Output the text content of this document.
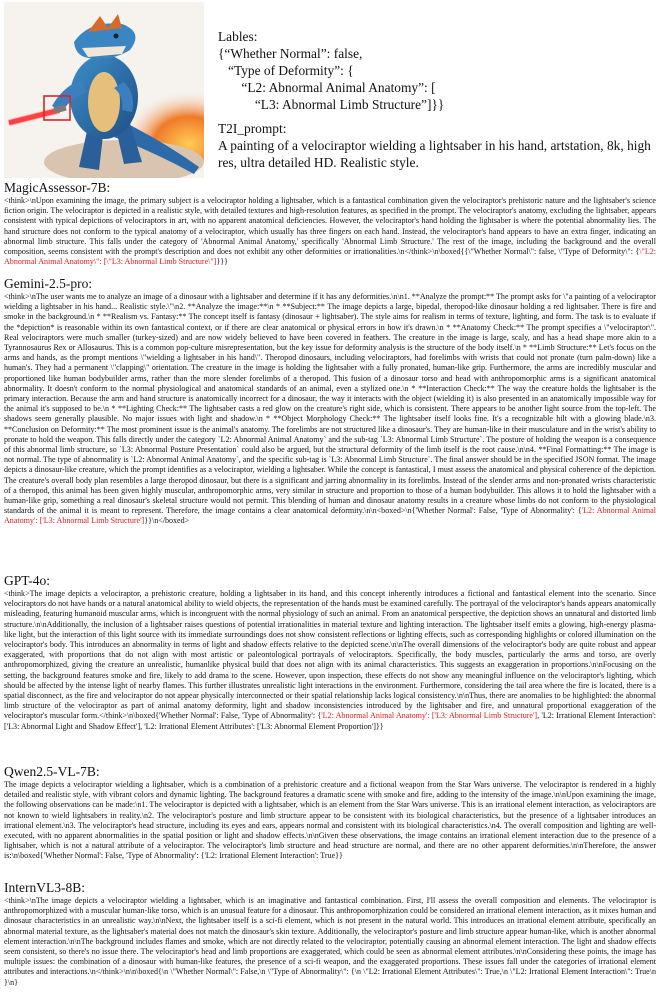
Lables:
{“Whether Normal”: false,
“Type of Deformity”: {
“L2: Abnormal Animal Anatomy”: [
“L3: Abnormal Limb Structure”]}}
T2I_prompt:
A painting of a velociraptor wielding a lightsaber in his hand, artstation, 8k, high res, ultra detailed HD. Realistic style.
MagicAssessor-7B:
<think>\nUpon examining the image, the primary subject is a velociraptor holding a lightsaber, which is a fantastical combination given the velociraptor's prehistoric nature and the lightsaber's science fiction origin. The velociraptor is depicted in a realistic style, with detailed textures and high-resolution features, as specified in the prompt. The velociraptor's anatomy, excluding the lightsaber, appears consistent with typical depictions of velociraptors in art, with no apparent anatomical deficiencies. However, the velociraptor's hand holding the lightsaber is where the potential abnormality lies. The hand structure does not conform to the typical anatomy of a velociraptor, which usually has three fingers on each hand. Instead, the velociraptor's hand appears to have an extra finger, indicating an abnormal limb structure. This falls under the category of 'Abnormal Animal Anatomy,' specifically 'Abnormal Limb Structure.' The rest of the image, including the background and the overall composition, seems consistent with the prompt's description and does not exhibit any other deformities or irrationalities.\n</think>\n\boxed{{\"Whether Normal\": false, \"Type of Deformity\": {\"L2: Abnormal Animal Anatomy\": [\"L3: Abnormal Limb Structure\"]}}}
Gemini-2.5-pro:
<think>\nThe user wants me to analyze an image of a dinosaur with a lightsaber and determine if it has any deformities.\n\n1. **Analyze the prompt:** The prompt asks for \"a painting of a velociraptor wielding a lightsaber in his hand... Realistic style.\"\n2. **Analyze the image:**\n * **Subject:** The image depicts a large, bipedal, theropod-like dinosaur holding a red lightsaber. There is fire and smoke in the background.\n * **Realism vs. Fantasy:** The concept itself is fantasy (dinosaur + lightsaber). The style aims for realism in terms of texture, lighting, and form. The task is to evaluate if the *depiction* is reasonable within its own fantastical context, or if there are clear anatomical or physical errors in how it's drawn.\n * **Anatomy Check:** The prompt specifies a \"velociraptor\". Real velociraptors were much smaller (turkey-sized) and are now widely believed to have been covered in feathers. The creature in the image is large, scaly, and has a head shape more akin to a Tyrannosaurus Rex or Allosaurus. This is a common pop-culture misrepresentation, but the key issue for deformity analysis is the structure of the body itself.\n * **Limb Structure:** Let's focus on the arms and hands, as the prompt mentions \"wielding a lightsaber in his hand\". Theropod dinosaurs, including velociraptors, had forelimbs with wrists that could not pronate (turn palm-down) like a human's. They had a permanent \"clapping\" orientation. The creature in the image is holding the lightsaber with a fully pronated, human-like grip. Furthermore, the arms are incredibly muscular and proportioned like human bodybuilder arms, rather than the more slender forelimbs of a theropod. This fusion of a dinosaur torso and head with anthropomorphic arms is a significant anatomical abnormality. It doesn't conform to the normal physiological and anatomical standards of an animal, even a stylized one.\n * **Interaction Check:** The way the creature holds the lightsaber is the primary interaction. Because the arm and hand structure is anatomically incorrect for a dinosaur, the way it interacts with the object (wielding it) is also presented in an anatomically impossible way for the animal it's supposed to be.\n * **Lighting Check:** The lightsaber casts a red glow on the creature's right side, which is consistent. There appears to be another light source from the top-left. The shadows seem generally plausible. No major issues with light and shadow.\n * **Object Morphology Check:** The lightsaber itself looks fine. It's a recognizable hilt with a glowing blade.\n3. **Conclusion on Deformity:** The most prominent issue is the animal's anatomy. The forelimbs are not structured like a dinosaur's. They are human-like in their musculature and in the wrist's ability to pronate to hold the weapon. This falls directly under the category `L2: Abnormal Animal Anatomy` and the sub-tag `L3: Abnormal Limb Structure`. The posture of holding the weapon is a consequence of this abnormal limb structure, so `L3: Abnormal Posture Presentation` could also be argued, but the structural deformity of the limb itself is the root cause.\n\n4. **Final Formatting:** The image is not normal. The type of abnormality is `L2: Abnormal Animal Anatomy`, and the specific sub-tag is `L3: Abnormal Limb Structure`. The final answer should be in the specified JSON format. The image depicts a dinosaur-like creature, which the prompt identifies as a velociraptor, wielding a lightsaber. While the concept is fantastical, I must assess the anatomical and physical coherence of the depiction. The creature's overall body plan resembles a large theropod dinosaur, but there is a significant and jarring abnormality in its forelimbs. Instead of the slender arms and non-pronated wrists characteristic of a theropod, this animal has been given highly muscular, anthropomorphic arms, very similar in structure and proportion to those of a human bodybuilder. This allows it to hold the lightsaber with a human-like grip, something a real dinosaur's skeletal structure would not permit. This blending of human and dinosaur anatomy results in a creature whose limbs do not conform to the physiological standards of the animal it is meant to represent. Therefore, the image contains a clear anatomical deformity.\n\n<boxed>\n{'Whether Normal': False, 'Type of Abnormality': {'L2: Abnormal Animal Anatomy': ['L3: Abnormal Limb Structure']}}\n</boxed>
GPT-4o:
<think>The image depicts a velociraptor, a prehistoric creature, holding a lightsaber in its hand, and this concept inherently introduces a fictional and fantastical element into the scenario. Since velociraptors do not have hands or a natural anatomical ability to wield objects, the representation of the hands must be examined carefully. The portrayal of the velociraptor's hands appears anatomically misleading, featuring humanoid muscular arms, which is incongruent with the normal physiology of such an animal. From an anatomical perspective, the depiction shows an unnatural and distorted limb structure.\n\nAdditionally, the inclusion of a lightsaber raises questions of potential irrationalities in material texture and lighting interaction. The lightsaber itself emits a glowing, high-energy plasma-like light, but the interaction of this light source with its immediate surroundings does not show consistent reflections or lighting effects, such as corresponding highlights or colored illumination on the velociraptor's body. This introduces an abnormality in terms of light and shadow effects relative to the depicted scene.\n\nThe overall dimensions of the velociraptor's body are quite robust and appear exaggerated, with proportions that do not align with most artistic or paleontological portrayals of velociraptors. Specifically, the body muscles, particularly the arms and torso, are overly anthropomorphized, giving the creature an unrealistic, humanlike physical build that does not align with its animal characteristics. This suggests an exaggeration in proportions.\n\nFocusing on the setting, the background features smoke and fire, likely to add drama to the scene. However, upon inspection, these effects do not show any meaningful influence on the velociraptor's lighting, which should be affected by the intense light of nearby flames. This further illustrates unrealistic light interactions in the environment. Furthermore, considering the tail area where the fire is located, there is a spatial disconnect, as the fire and velociraptor do not appear physically interconnected or their spatial relationship lacks logical consistency.\n\nThus, there are anomalies to be highlighted: the abnormal limb structure of the velociraptor as part of animal anatomy deformity, light and shadow inconsistencies introduced by the lightsaber and fire, and unnatural proportional exaggeration of the velociraptor's muscular form.</think>\n\boxed{'Whether Normal': False, 'Type of Abnormality': {'L2: Abnormal Animal Anatomy': ['L3: Abnormal Limb Structure'], 'L2: Irrational Element Interaction': ['L3: Abnormal Light and Shadow Effect'], 'L2: Irrational Element Attributes': ['L3: Abnormal Element Proportion']}}
Qwen2.5-VL-7B:
The image depicts a velociraptor wielding a lightsaber, which is a combination of a prehistoric creature and a fictional weapon from the Star Wars universe. The velociraptor is rendered in a highly detailed and realistic style, with vibrant colors and dynamic lighting. The background features a dramatic scene with smoke and fire, adding to the intensity of the image.\n\nUpon examining the image, the following observations can be made:\n1. The velociraptor is depicted with a lightsaber, which is an element from the Star Wars universe. This is an irrational element interaction, as velociraptors are not known to wield lightsabers in reality.\n2. The velociraptor's posture and limb structure appear to be consistent with its biological characteristics, but the presence of a lightsaber introduces an irrational element.\n3. The velociraptor's head structure, including its eyes and ears, appears normal and consistent with its biological characteristics.\n4. The overall composition and lighting are well-executed, with no apparent abnormalities in the spatial position or light and shadow effects.\n\nGiven these observations, the image contains an irrational element interaction due to the presence of a lightsaber, which is not a natural attribute of a velociraptor. The velociraptor's limb structure and head structure are normal, and there are no other apparent deformities.\n\nTherefore, the answer is:\n\boxed{'Whether Normal': False, 'Type of Abnormality': {'L2: Irrational Element Interaction': True}}
InternVL3-8B:
<think>\nThe image depicts a velociraptor wielding a lightsaber, which is an imaginative and fantastical combination. First, I'll assess the overall composition and elements. The velociraptor is anthropomorphized with a muscular human-like torso, which is an unusual feature for a dinosaur. This anthropomorphization could be considered an irrational element interaction, as it mixes human and dinosaur characteristics in an unrealistic way.\n\nNext, the lightsaber itself is a sci-fi element, which is not present in the natural world. This introduces an irrational element attribute, specifically an abnormal material texture, as the lightsaber's material does not match the dinosaur's skin texture. Additionally, the velociraptor's posture and limb structure appear human-like, which is another abnormal element interaction.\n\nThe background includes flames and smoke, which are not directly related to the velociraptor, potentially causing an abnormal element interaction. The light and shadow effects seem consistent, so there's no issue there. The velociraptor's head and limb proportions are exaggerated, which could be seen as abnormal element attributes.\n\nConsidering these points, the image has multiple issues: the combination of a dinosaur with human-like features, the presence of a sci-fi weapon, and the exaggerated proportions. These issues fall under the categories of irrational element attributes and interactions.\n</think>\n\n\boxed{\n \"Whether Normal\": False,\n \"Type of Abnormality\": {\n \"L2: Irrational Element Attributes\": True,\n \"L2: Irrational Element Interaction\": True\n }\n}
